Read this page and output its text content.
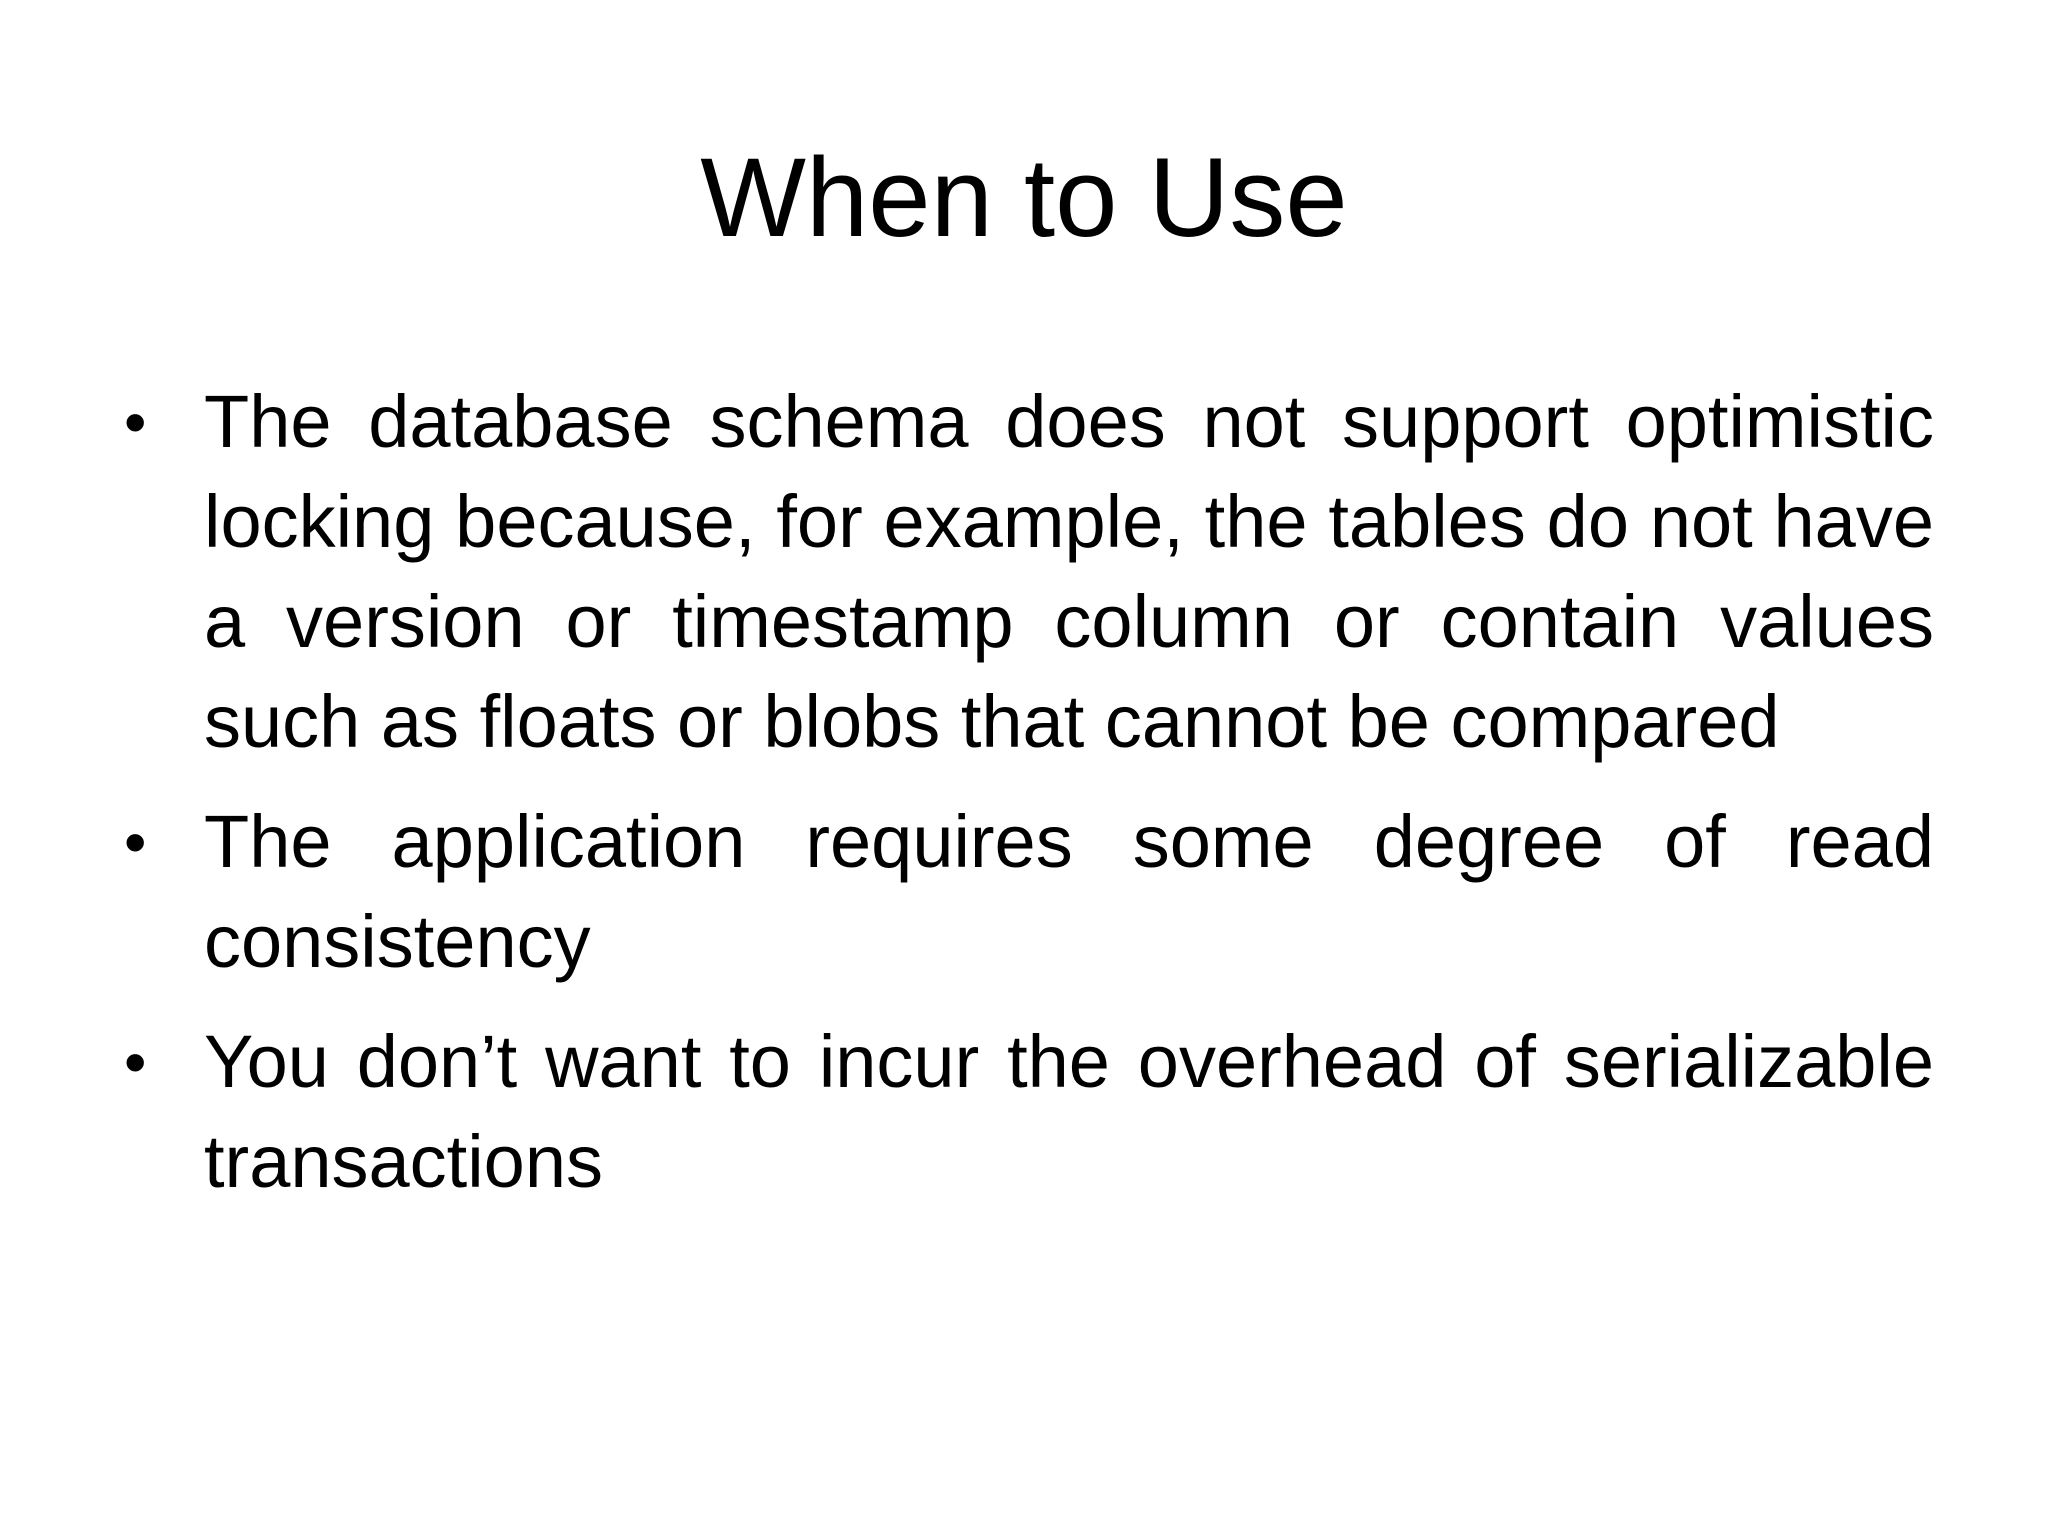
When to Use
• The database schema does not support optimistic locking because, for example, the tables do not have a version or timestamp column or contain values such as floats or blobs that cannot be compared
• The application requires some degree of read consistency
• You don’t want to incur the overhead of serializable transactions
